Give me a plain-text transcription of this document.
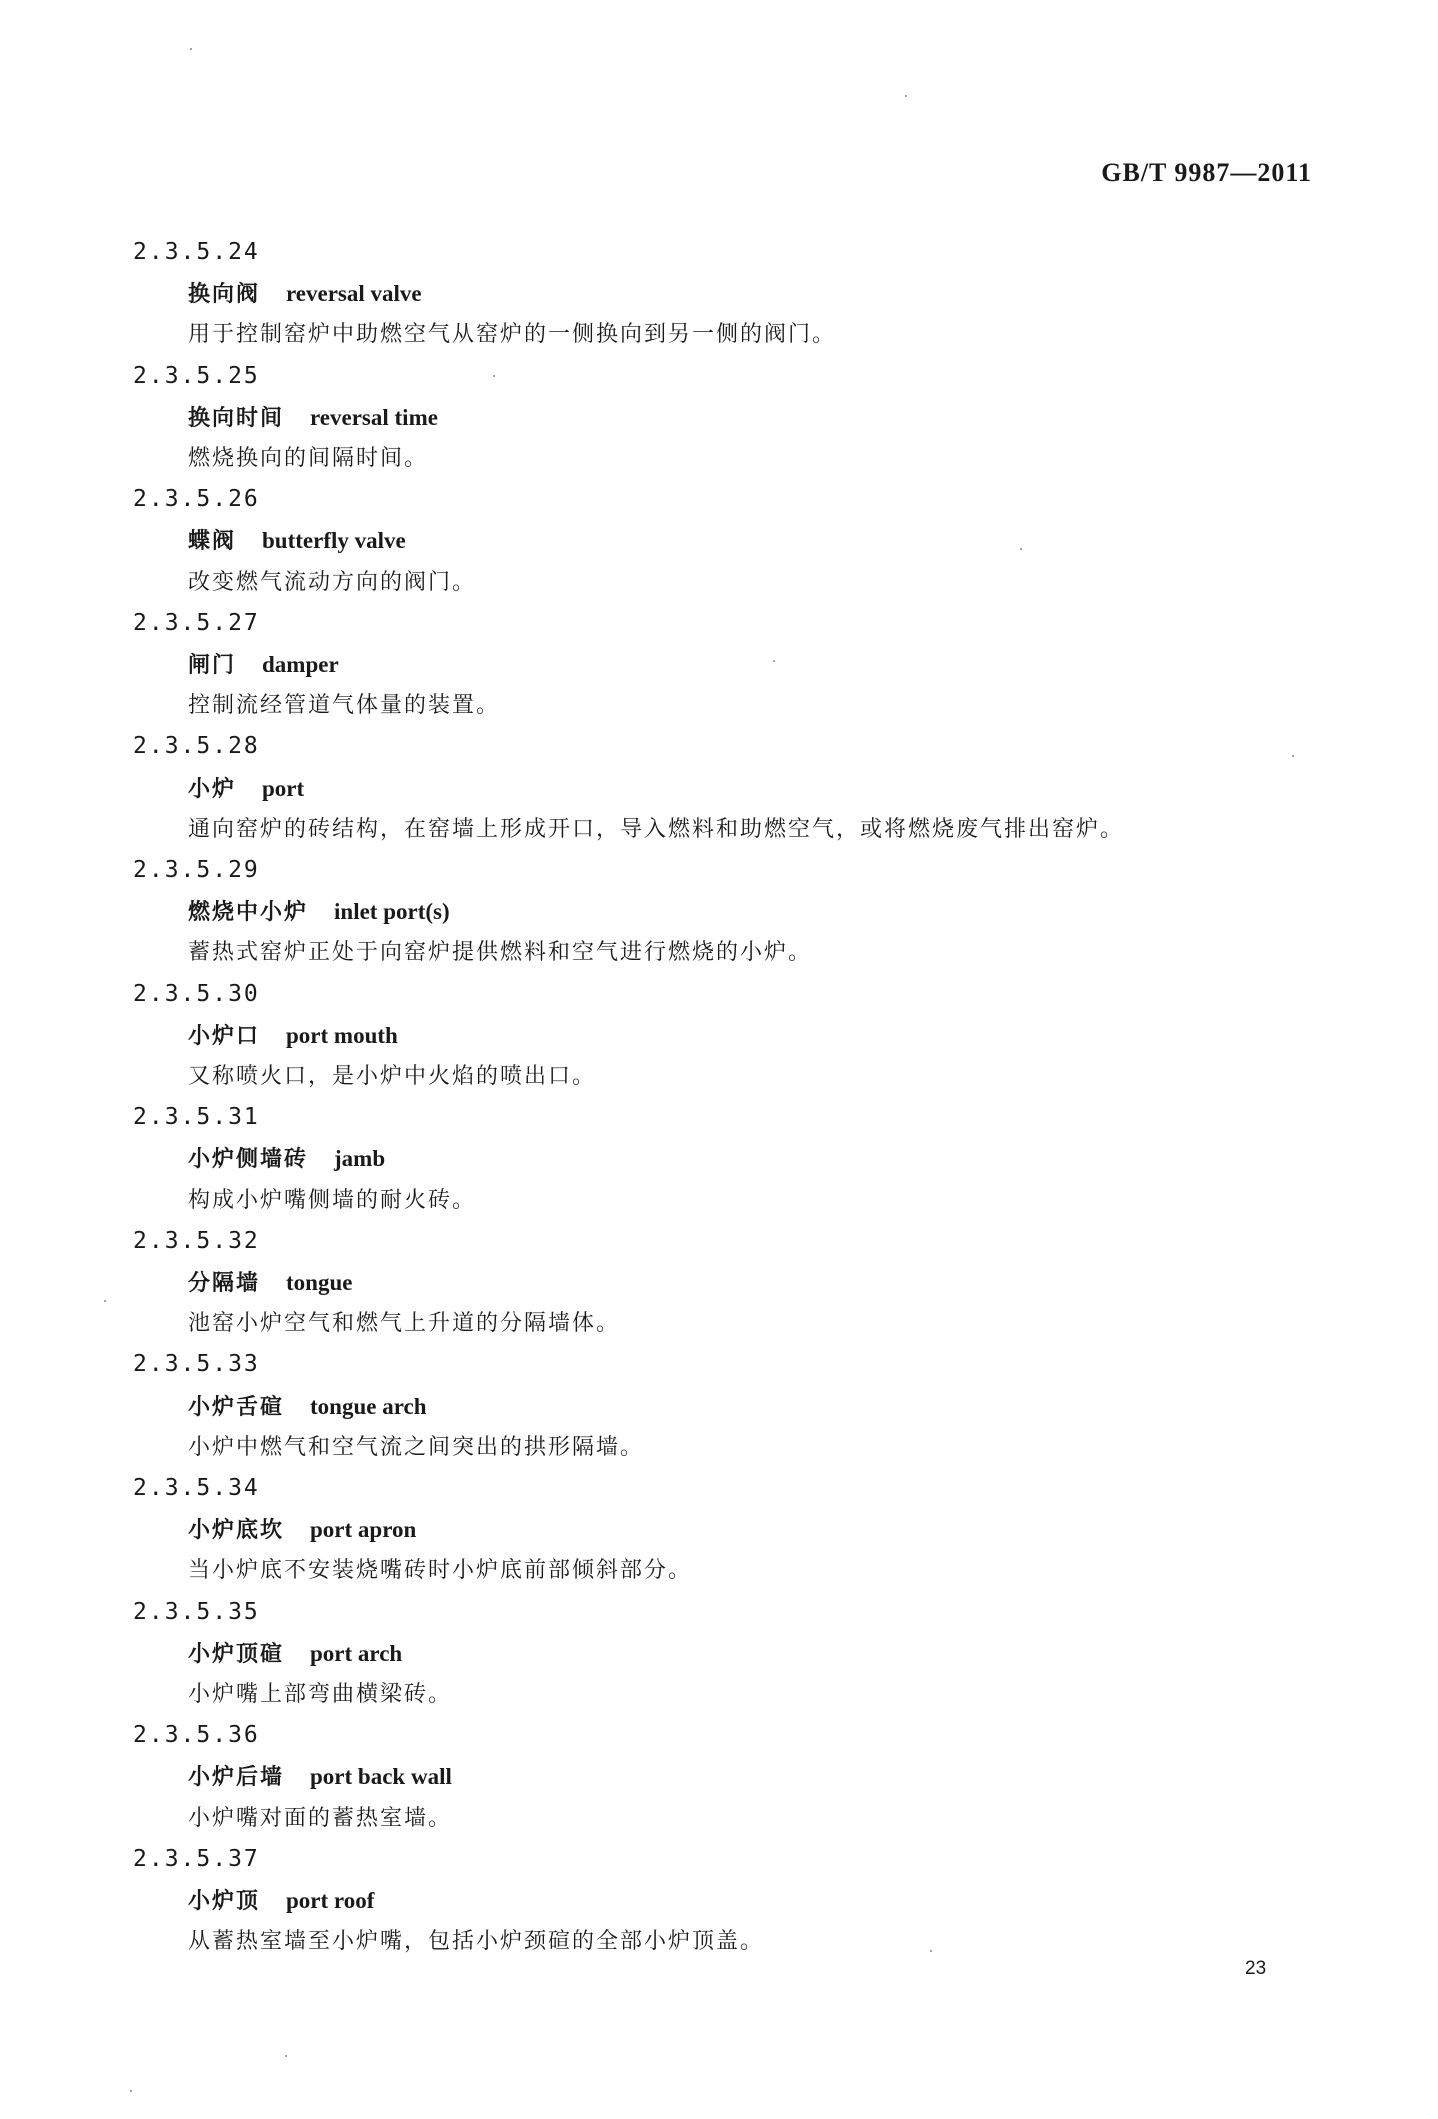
GB/T 9987—2011
2.3.5.24
换向阀 reversal valve
用于控制窑炉中助燃空气从窑炉的一侧换向到另一侧的阀门。
2.3.5.25
换向时间 reversal time
燃烧换向的间隔时间。
2.3.5.26
蝶阀 butterfly valve
改变燃气流动方向的阀门。
2.3.5.27
闸门 damper
控制流经管道气体量的装置。
2.3.5.28
小炉 port
通向窑炉的砖结构，在窑墙上形成开口，导入燃料和助燃空气，或将燃烧废气排出窑炉。
2.3.5.29
燃烧中小炉 inlet port(s)
蓄热式窑炉正处于向窑炉提供燃料和空气进行燃烧的小炉。
2.3.5.30
小炉口 port mouth
又称喷火口，是小炉中火焰的喷出口。
2.3.5.31
小炉侧墙砖 jamb
构成小炉嘴侧墙的耐火砖。
2.3.5.32
分隔墙 tongue
池窑小炉空气和燃气上升道的分隔墙体。
2.3.5.33
小炉舌碹 tongue arch
小炉中燃气和空气流之间突出的拱形隔墙。
2.3.5.34
小炉底坎 port apron
当小炉底不安装烧嘴砖时小炉底前部倾斜部分。
2.3.5.35
小炉顶碹 port arch
小炉嘴上部弯曲横梁砖。
2.3.5.36
小炉后墙 port back wall
小炉嘴对面的蓄热室墙。
2.3.5.37
小炉顶 port roof
从蓄热室墙至小炉嘴，包括小炉颈碹的全部小炉顶盖。
23
